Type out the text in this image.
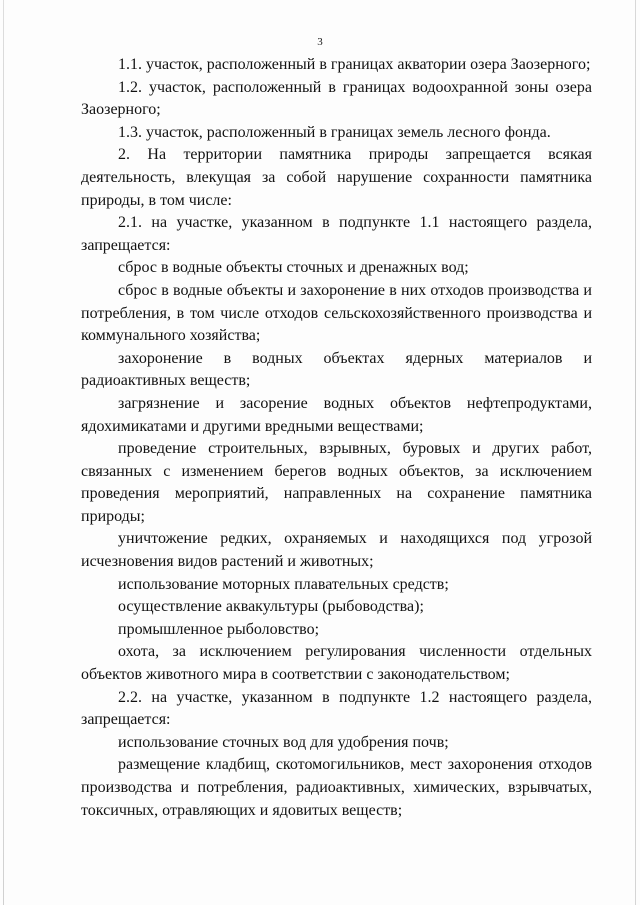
3

1.1. участок, расположенный в границах акватории озера Заозерного;

1.2. участок, расположенный в границах водоохранной зоны озера Заозерного;

1.3. участок, расположенный в границах земель лесного фонда.

2. На территории памятника природы запрещается всякая деятельность, влекущая за собой нарушение сохранности памятника природы, в том числе:

2.1. на участке, указанном в подпункте 1.1 настоящего раздела, запрещается:

сброс в водные объекты сточных и дренажных вод;

сброс в водные объекты и захоронение в них отходов производства и потребления, в том числе отходов сельскохозяйственного производства и коммунального хозяйства;

захоронение в водных объектах ядерных материалов и радиоактивных веществ;

загрязнение и засорение водных объектов нефтепродуктами, ядохимикатами и другими вредными веществами;

проведение строительных, взрывных, буровых и других работ, связанных с изменением берегов водных объектов, за исключением проведения мероприятий, направленных на сохранение памятника природы;

уничтожение редких, охраняемых и находящихся под угрозой исчезновения видов растений и животных;

использование моторных плавательных средств;

осуществление аквакультуры (рыбоводства);

промышленное рыболовство;

охота, за исключением регулирования численности отдельных объектов животного мира в соответствии с законодательством;

2.2. на участке, указанном в подпункте 1.2 настоящего раздела, запрещается:

использование сточных вод для удобрения почв;

размещение кладбищ, скотомогильников, мест захоронения отходов производства и потребления, радиоактивных, химических, взрывчатых, токсичных, отравляющих и ядовитых веществ;
